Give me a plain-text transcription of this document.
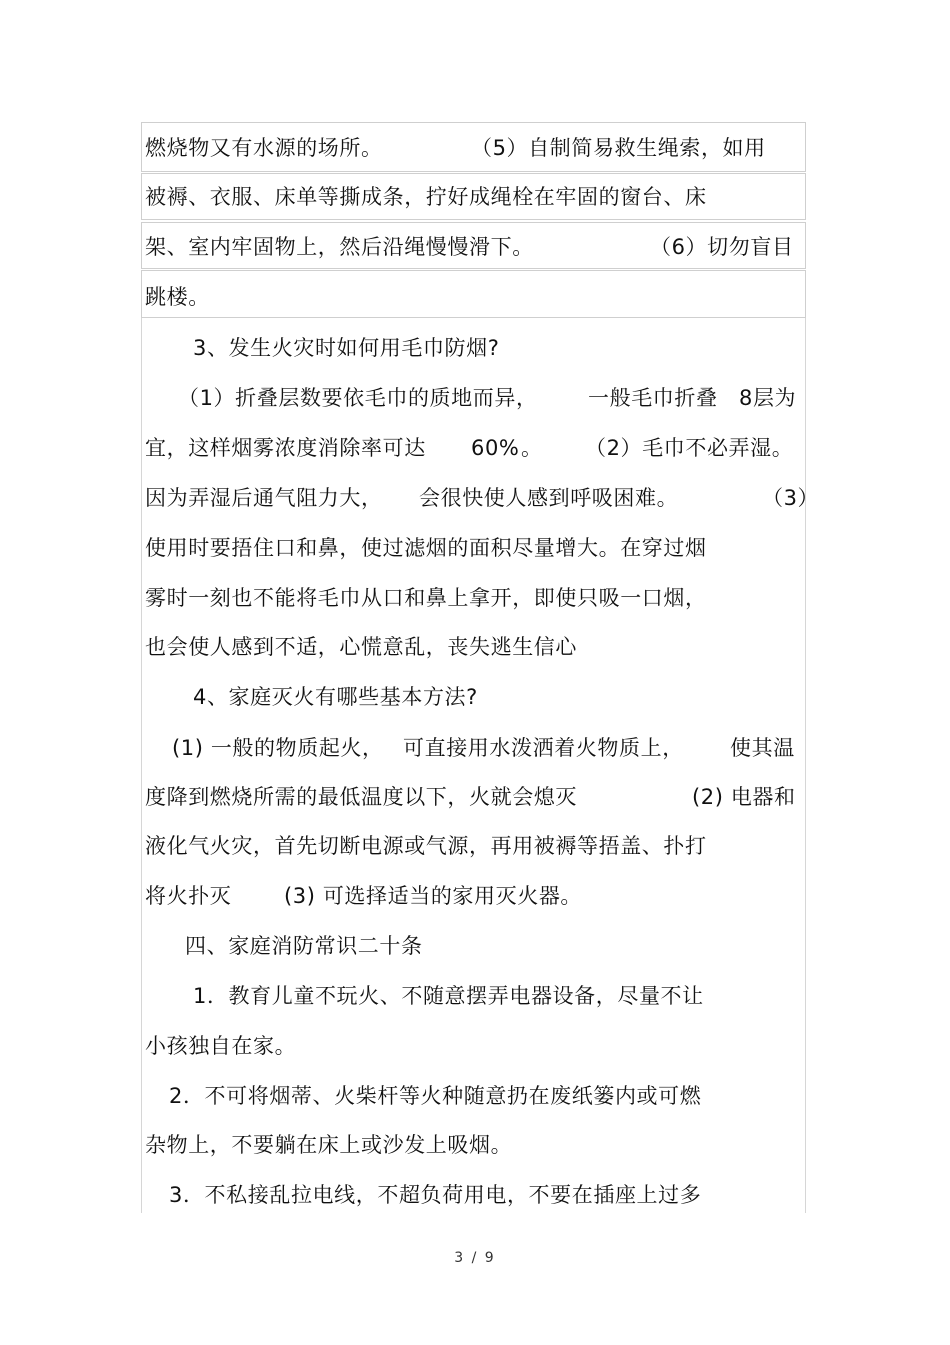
燃烧物又有水源的场所。	（5）自制简易救生绳索，如用
被褥、衣服、床单等撕成条，拧好成绳栓在牢固的窗台、床
架、室内牢固物上，然后沿绳慢慢滑下。	（6）切勿盲目
跳楼。
3、发生火灾时如何用毛巾防烟?
（1）折叠层数要依毛巾的质地而异， 一般毛巾折叠 8层为
宜，这样烟雾浓度消除率可达 60% 。 （2）毛巾不必弄湿。
因为弄湿后通气阻力大， 会很快使人感到呼吸困难。	（3）
使用时要捂住口和鼻，使过滤烟的面积尽量增大。在穿过烟
雾时一刻也不能将毛巾从口和鼻上拿开，即使只吸一口烟，
也会使人感到不适，心慌意乱，丧失逃生信心
4、家庭灭火有哪些基本方法?
(1) 一般的物质起火， 可直接用水泼洒着火物质上， 使其温
度降到燃烧所需的最低温度以下，火就会熄灭	(2) 电器和
液化气火灾，首先切断电源或气源，再用被褥等捂盖、扑打
将火扑灭	(3) 可选择适当的家用灭火器。
四、家庭消防常识二十条
1．教育儿童不玩火、不随意摆弄电器设备，尽量不让
小孩独自在家。
2．不可将烟蒂、火柴杆等火种随意扔在废纸篓内或可燃
杂物上，不要躺在床上或沙发上吸烟。
3．不私接乱拉电线，不超负荷用电，不要在插座上过多
3 / 9
